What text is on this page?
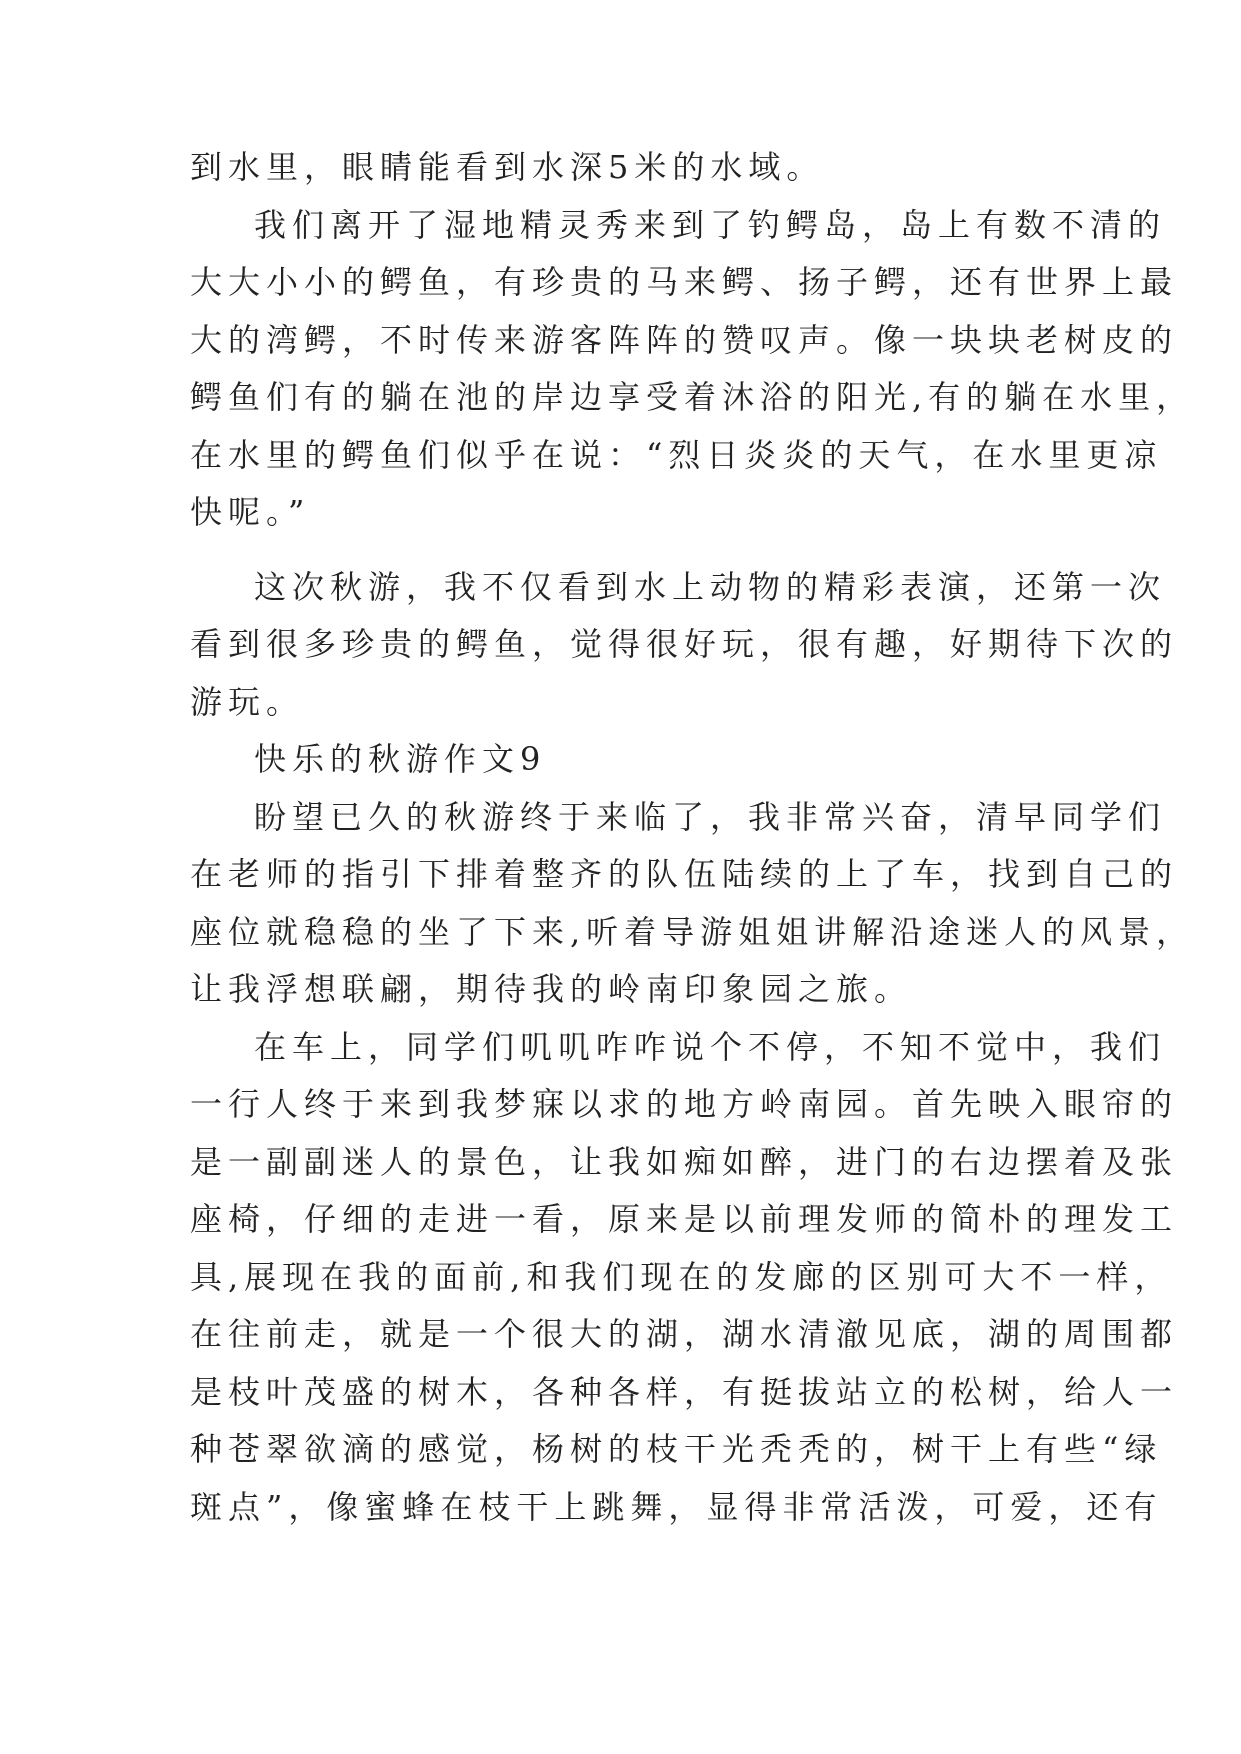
到水里，眼睛能看到水深5米的水域。

我们离开了湿地精灵秀来到了钓鳄岛，岛上有数不清的

大大小小的鳄鱼，有珍贵的马来鳄、扬子鳄，还有世界上最

大的湾鳄，不时传来游客阵阵的赞叹声。像一块块老树皮的

鳄鱼们有的躺在池的岸边享受着沐浴的阳光,有的躺在水里，

在水里的鳄鱼们似乎在说：“烈日炎炎的天气，在水里更凉

快呢。”

这次秋游，我不仅看到水上动物的精彩表演，还第一次

看到很多珍贵的鳄鱼，觉得很好玩，很有趣，好期待下次的

游玩。

快乐的秋游作文9

盼望已久的秋游终于来临了，我非常兴奋，清早同学们

在老师的指引下排着整齐的队伍陆续的上了车，找到自己的

座位就稳稳的坐了下来,听着导游姐姐讲解沿途迷人的风景，

让我浮想联翩，期待我的岭南印象园之旅。

在车上，同学们叽叽咋咋说个不停，不知不觉中，我们

一行人终于来到我梦寐以求的地方岭南园。首先映入眼帘的

是一副副迷人的景色，让我如痴如醉，进门的右边摆着及张

座椅，仔细的走进一看，原来是以前理发师的简朴的理发工

具,展现在我的面前,和我们现在的发廊的区别可大不一样，

在往前走，就是一个很大的湖，湖水清澈见底，湖的周围都

是枝叶茂盛的树木，各种各样，有挺拔站立的松树，给人一

种苍翠欲滴的感觉，杨树的枝干光秃秃的，树干上有些“绿

斑点”，像蜜蜂在枝干上跳舞，显得非常活泼，可爱，还有
